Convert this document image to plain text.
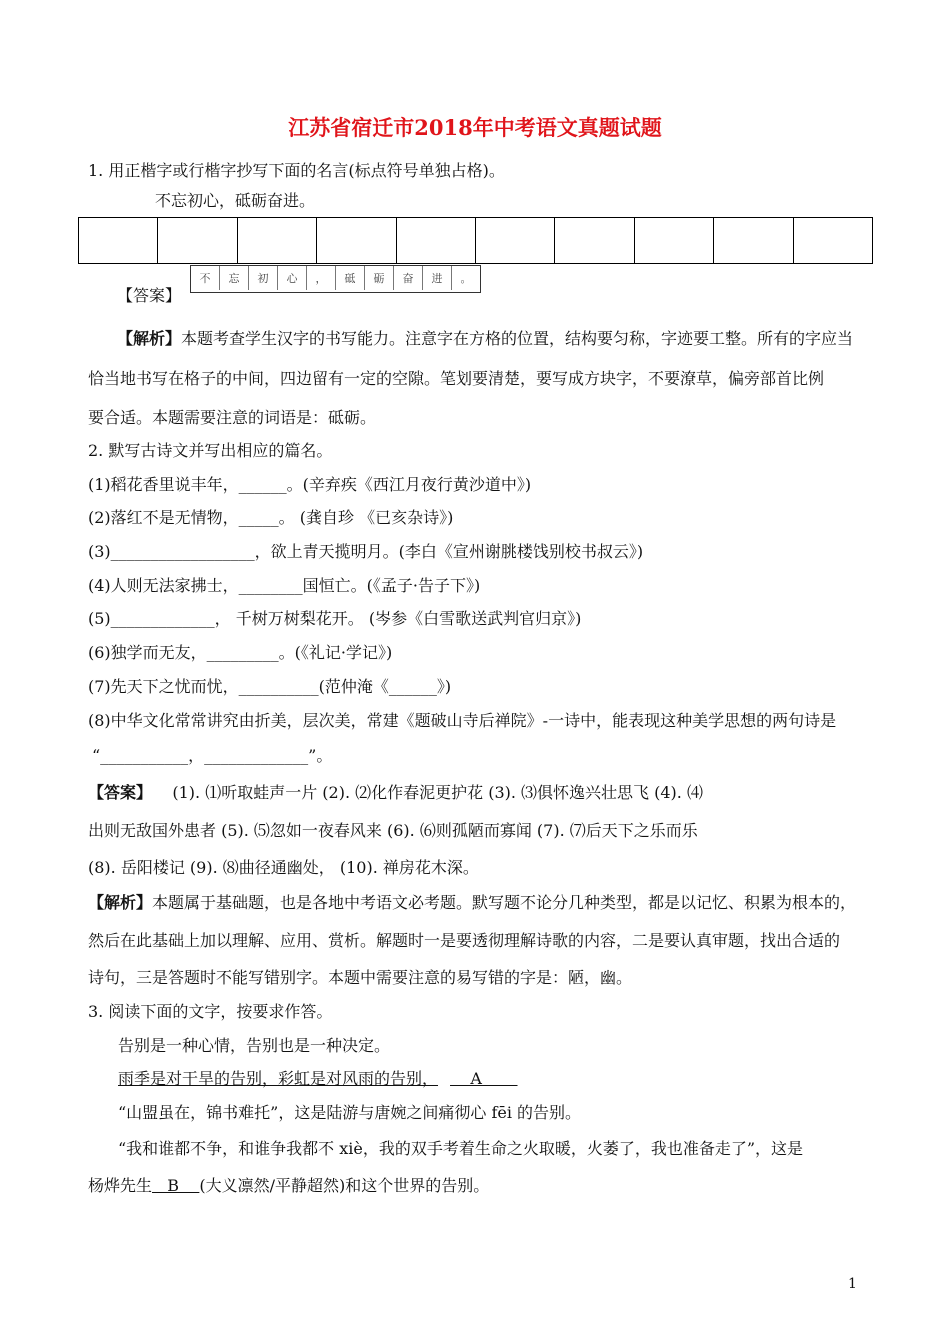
江苏省宿迁市2018年中考语文真题试题
1. 用正楷字或行楷字抄写下面的名言(标点符号单独占格)。
不忘初心，砥砺奋进。

【答案】
不	忘	初	心	，	砥	砺	奋	进	。
【解析】本题考查学生汉字的书写能力。注意字在方格的位置，结构要匀称，字迹要工整。所有的字应当
恰当地书写在格子的中间，四边留有一定的空隙。笔划要清楚，要写成方块字，不要潦草，偏旁部首比例
要合适。本题需要注意的词语是：砥砺。
2. 默写古诗文并写出相应的篇名。
(1)稻花香里说丰年，______。(辛弃疾《西江月夜行黄沙道中》)
(2)落红不是无情物，_____。 (龚自珍 《已亥杂诗》)
(3)__________________，欲上青天揽明月。(李白《宣州谢朓楼饯别校书叔云》)
(4)人则无法家拂士，________国恒亡。(《孟子·告子下》)
(5)_____________， 千树万树梨花开。 (岑参《白雪歌送武判官归京》)
(6)独学而无友，_________。(《礼记·学记》)
(7)先天下之忧而忧，__________(范仲淹《______》)
(8)中华文化常常讲究由折美，层次美，常建《题破山寺后禅院》-一诗中，能表现这种美学思想的两句诗是
“___________，_____________”。
【答案】 (1). ⑴听取蛙声一片 (2). ⑵化作春泥更护花 (3). ⑶俱怀逸兴壮思飞 (4). ⑷
出则无敌国外患者 (5). ⑸忽如一夜春风来 (6). ⑹则孤陋而寡闻 (7). ⑺后天下之乐而乐
(8). 岳阳楼记 (9). ⑻曲径通幽处， (10). 禅房花木深。
【解析】本题属于基础题，也是各地中考语文必考题。默写题不论分几种类型，都是以记忆、积累为根本的，
然后在此基础上加以理解、应用、赏析。解题时一是要透彻理解诗歌的内容，二是要认真审题，找出合适的
诗句，三是答题时不能写错别字。本题中需要注意的易写错的字是：陋，幽。
3. 阅读下面的文字，按要求作答。
告别是一种心情，告别也是一种决定。
雨季是对干旱的告别，彩虹是对风雨的告别，    A
“山盟虽在，锦书难托”，这是陆游与唐婉之间痛彻心 fēi 的告别。
“我和谁都不争，和谁争我都不 xiè，我的双手考着生命之火取暖，火萎了，我也准备走了”，这是
杨烨先生   B    (大义凛然/平静超然)和这个世界的告别。
1
